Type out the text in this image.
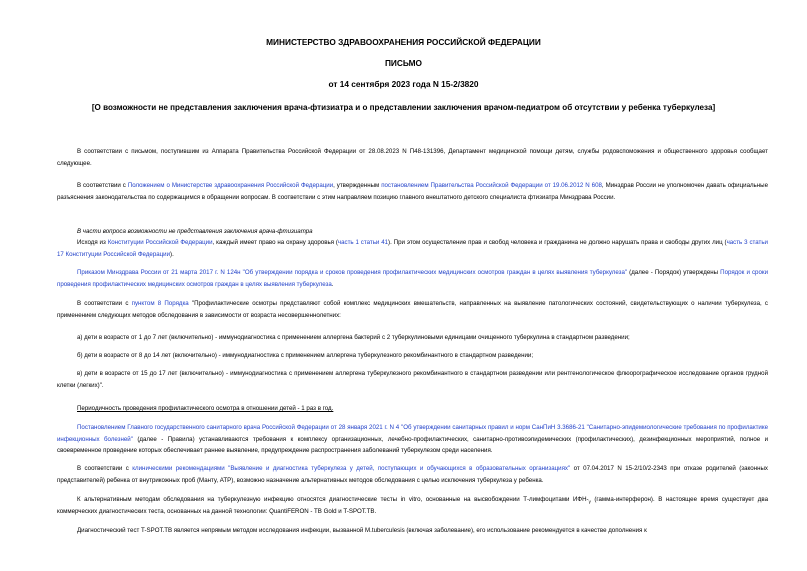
МИНИСТЕРСТВО ЗДРАВООХРАНЕНИЯ РОССИЙСКОЙ ФЕДЕРАЦИИ
ПИСЬМО
от 14 сентября 2023 года N 15-2/3820
[О возможности не представления заключения врача-фтизиатра и о представлении заключения врачом-педиатром об отсутствии у ребенка туберкулеза]

В соответствии с письмом, поступившим из Аппарата Правительства Российской Федерации от 28.08.2023 N П48-131396, Департамент медицинской помощи детям, службы родовспоможения и общественного здоровья сообщает следующее.

В соответствии с Положением о Министерстве здравоохранения Российской Федерации, утвержденным постановлением Правительства Российской Федерации от 19.06.2012 N 608, Минздрав России не уполномочен давать официальные разъяснения законодательства по содержащимся в обращении вопросам. В соответствии с этим направляем позицию главного внештатного детского специалиста фтизиатра Минздрава России.

В части вопроса возможности не представления заключения врача-фтизиатра

Исходя из Конституции Российской Федерации, каждый имеет право на охрану здоровья (часть 1 статьи 41). При этом осуществление прав и свобод человека и гражданина не должно нарушать права и свободы других лиц (часть 3 статьи 17 Конституции Российской Федерации).

Приказом Минздрава России от 21 марта 2017 г. N 124н "Об утверждении порядка и сроков проведения профилактических медицинских осмотров граждан в целях выявления туберкулеза" (далее - Порядок) утверждены Порядок и сроки проведения профилактических медицинских осмотров граждан в целях выявления туберкулеза.

В соответствии с пунктом 8 Порядка "Профилактические осмотры представляют собой комплекс медицинских вмешательств, направленных на выявление патологических состояний, свидетельствующих о наличии туберкулеза, с применением следующих методов обследования в зависимости от возраста несовершеннолетних:

а) дети в возрасте от 1 до 7 лет (включительно) - иммунодиагностика с применением аллергена бактерий с 2 туберкулиновыми единицами очищенного туберкулина в стандартном разведении;

б) дети в возрасте от 8 до 14 лет (включительно) - иммунодиагностика с применением аллергена туберкулезного рекомбинантного в стандартном разведении;

в) дети в возрасте от 15 до 17 лет (включительно) - иммунодиагностика с применением аллергена туберкулезного рекомбинантного в стандартном разведении или рентгенологическое флюорографическое исследование органов грудной клетки (легких)".

Периодичность проведения профилактического осмотра в отношении детей - 1 раз в год.

Постановлением Главного государственного санитарного врача Российской Федерации от 28 января 2021 г. N 4 "Об утверждении санитарных правил и норм СанПиН 3.3686-21 "Санитарно-эпидемиологические требования по профилактике инфекционных болезней" (далее - Правила) устанавливаются требования к комплексу организационных, лечебно-профилактических, санитарно-противоэпидемических (профилактических), дезинфекционных мероприятий, полное и своевременное проведение которых обеспечивает раннее выявление, предупреждение распространения заболеваний туберкулезом среди населения.

В соответствии с клиническими рекомендациями "Выявление и диагностика туберкулеза у детей, поступающих и обучающихся в образовательных организациях" от 07.04.2017 N 15-2/10/2-2343 при отказе родителей (законных представителей) ребенка от внутрикожных проб (Манту, АТР), возможно назначение альтернативных методов обследования с целью исключения туберкулеза у ребенка.

К альтернативным методам обследования на туберкулезную инфекцию относятся диагностические тесты in vitro, основанные на высвобождении Т-лимфоцитами ИФН-$_\gamma$ (гамма-интерферон). В настоящее время существует два коммерческих диагностических теста, основанных на данной технологии: QuantiFERON - TB Gold и T-SPOT.TB.

Диагностический тест T-SPOT.TB является непрямым методом исследования инфекции, вызванной M.tuberculesis (включая заболевание), его использование рекомендуется в качестве дополнения к
